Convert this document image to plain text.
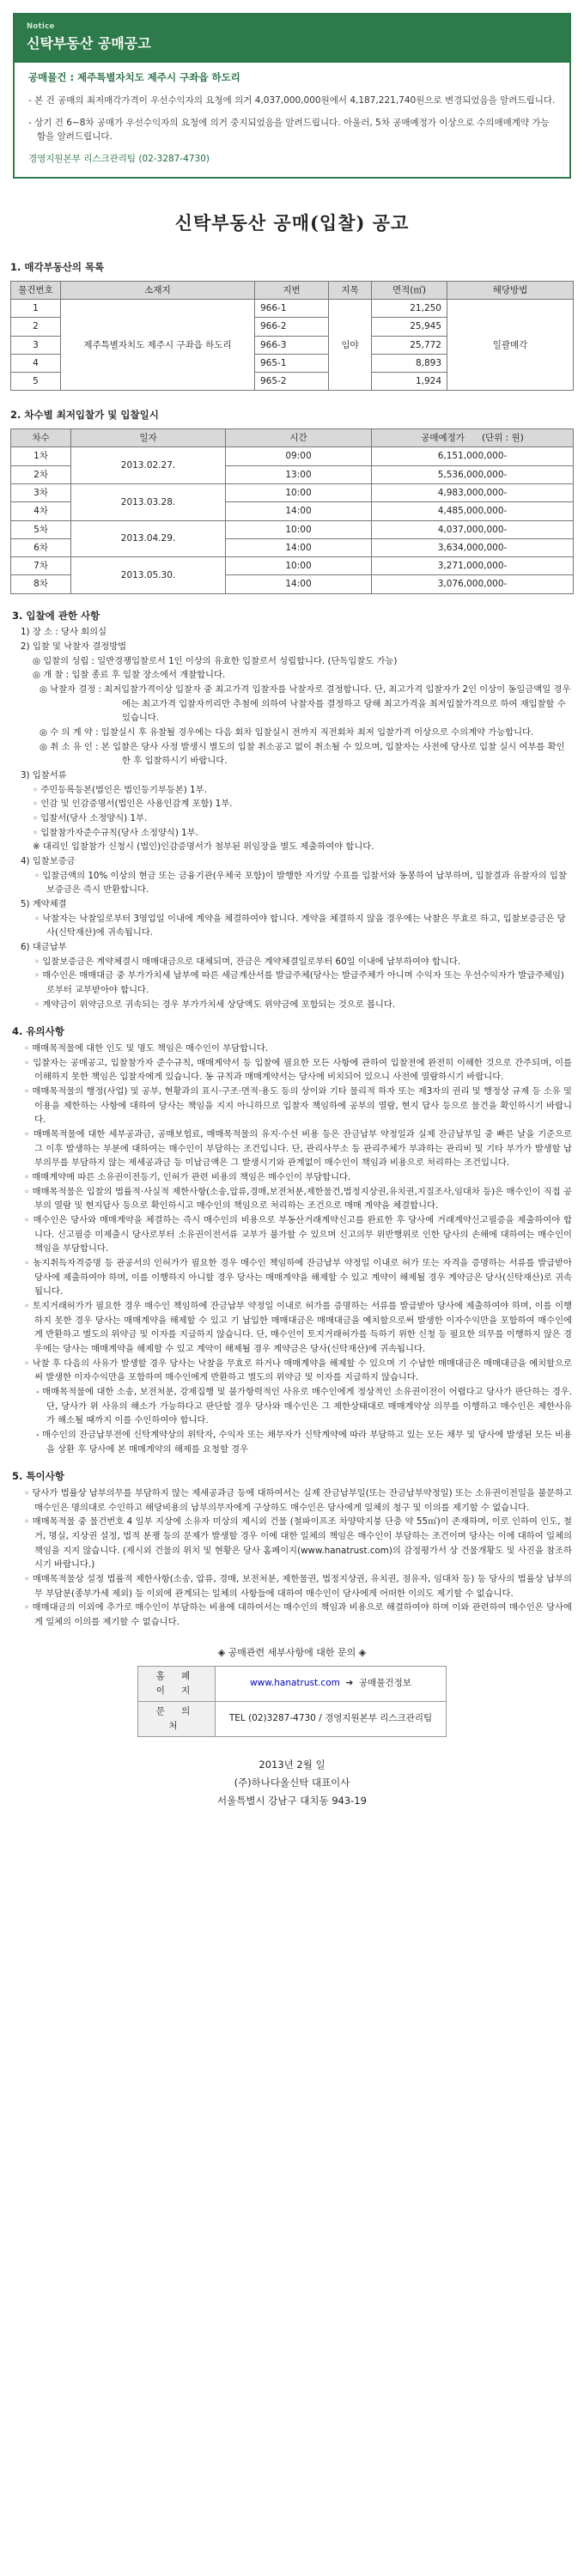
Notice
신탁부동산 공매공고
공매물건 : 제주특별자치도 제주시 구좌읍 하도리
- 본 건 공매의 최저매각가격이 우선수익자의 요청에 의거 4,037,000,000원에서 4,187,221,740원으로 변경되었음을 알려드립니다.
- 상기 건 6~8차 공매가 우선수익자의 요청에 의거 중지되었음을 알려드립니다. 아울러, 5차 공매예정가 이상으로 수의매매계약 가능함을 알려드립니다.
경영지원본부 리스크관리팀 (02-3287-4730)
신탁부동산 공매(입찰) 공고
1. 매각부동산의 목록
물건번호	소재지	지번	지목	면적(㎡)	해당방법
1	제주특별자치도 제주시 구좌읍 하도리	966-1	임야	21,250	일괄매각
2		966-2		25,945	
3		966-3		25,772	
4		965-1		8,893	
5		965-2		1,924	
2. 차수별 최저입찰가 및 입찰일시
차수	일자	시간	공매예정가 (단위 : 원)
1차	2013.02.27.	09:00	6,151,000,000-
2차		13:00	5,536,000,000-
3차	2013.03.28.	10:00	4,983,000,000-
4차		14:00	4,485,000,000-
5차	2013.04.29.	10:00	4,037,000,000-
6차		14:00	3,634,000,000-
7차	2013.05.30.	10:00	3,271,000,000-
8차		14:00	3,076,000,000-
3. 입찰에 관한 사항
1) 장 소 : 당사 회의실
2) 입찰 및 낙찰자 결정방법
◎ 입찰의 성립 : 일반경쟁입찰로서 1인 이상의 유효한 입찰로서 성립합니다. (단독입찰도 가능)
◎ 개 찰 : 입찰 종료 후 입찰 장소에서 개찰합니다.
◎ 낙찰자 결정 : 최저입찰가격이상 입찰자 중 최고가격 입찰자를 낙찰자로 결정합니다. 단, 최고가격 입찰자가 2인 이상이 동일금액일 경우에는 최고가격 입찰자끼리만 추첨에 의하여 낙찰자를 결정하고 당해 최고가격을 최저입찰가격으로 하여 재입찰할 수 있습니다.
◎ 수 의 계 약 : 입찰실시 후 유찰될 경우에는 다음 회차 입찰실시 전까지 직전회차 최저 입찰가격 이상으로 수의계약 가능합니다.
◎ 취 소 유 인 : 본 입찰은 당사 사정 발생시 별도의 입찰 취소공고 없이 취소될 수 있으며, 입찰자는 사전에 당사로 입찰 실시 여부를 확인한 후 입찰하시기 바랍니다.
3) 입찰서류
◦ 주민등록등본(법인은 법인등기부등본) 1부.
◦ 인감 및 인감증명서(법인은 사용인감계 포함) 1부.
◦ 입찰서(당사 소정양식) 1부.
◦ 입찰참가자준수규칙(당사 소정양식) 1부.
※ 대리인 입찰참가 신청시 (법인)인감증명서가 첨부된 위임장을 별도 제출하여야 합니다.
4) 입찰보증금
◦ 입찰금액의 10% 이상의 현금 또는 금융기관(우체국 포함)이 발행한 자기앞 수표를 입찰서와 동봉하여 납부하며, 입찰결과 유찰자의 입찰보증금은 즉시 반환합니다.
5) 계약체결
◦ 낙찰자는 낙찰일로부터 3영업일 이내에 계약을 체결하여야 합니다. 계약을 체결하지 않을 경우에는 낙찰은 무효로 하고, 입찰보증금은 당사(신탁재산)에 귀속됩니다.
6) 대금납부
◦ 입찰보증금은 계약체결시 매매대금으로 대체되며, 잔금은 계약체결일로부터 60일 이내에 납부하여야 합니다.
◦ 매수인은 매매대금 중 부가가치세 납부에 따른 세금계산서를 발급주체(당사는 발급주체가 아니며 수익자 또는 우선수익자가 발급주체임)로부터 교부받아야 합니다.
◦ 계약금이 위약금으로 귀속되는 경우 부가가치세 상당액도 위약금에 포함되는 것으로 봅니다.
4. 유의사항
◦ 매매목적물에 대한 인도 및 명도 책임은 매수인이 부담합니다.
◦ 입찰자는 공매공고, 입찰참가자 준수규칙, 매매계약서 등 입찰에 필요한 모든 사항에 관하여 입찰전에 완전히 이해한 것으로 간주되며, 이를 이해하지 못한 책임은 입찰자에게 있습니다. 동 규칙과 매매계약서는 당사에 비치되어 있으니 사전에 열람하시기 바랍니다.
◦ 매매목적물의 행정(사업) 및 공부, 현황과의 표시·구조·면적·용도 등의 상이와 기타 물리적 하자 또는 제3자의 권리 및 행정상 규제 등 소유 및 이용을 제한하는 사항에 대하여 당사는 책임을 지지 아니하므로 입찰자 책임하에 공부의 열람, 현지 답사 등으로 물건을 확인하시기 바랍니다.
◦ 매매목적물에 대한 세부공과금, 공매보험료, 매매목적물의 유지·수선 비용 등은 잔금납부 약정일과 실제 잔금납부일 중 빠른 날을 기준으로 그 이후 발생하는 부분에 대하여는 매수인이 부담하는 조건입니다. 단, 관리사무소 등 관리주체가 부과하는 관리비 및 기타 부가가 발생할 납부의무를 부담하지 않는 제세공과금 등 미납금액은 그 발생시기와 관계없이 매수인이 책임과 비용으로 처리하는 조건입니다.
◦ 매매계약에 따른 소유권이전등기, 인허가 관련 비용의 책임은 매수인이 부담합니다.
◦ 매매목적물은 입찰의 법률적·사실적 제한사항(소송,압류,경매,보전처분,제한물건,법정지상권,유치권,지질조사,임대차 등)은 매수인이 직접 공부의 열람 및 현지답사 등으로 확인하시고 매수인의 책임으로 처리하는 조건으로 매매 계약을 체결합니다.
◦ 매수인은 당사와 매매계약을 체결하는 즉시 매수인의 비용으로 부동산거래계약신고를 완료한 후 당사에 거래계약신고필증을 제출하여야 합니다. 신고필증 미제출시 당사로부터 소유권이전서류 교부가 불가할 수 있으며 신고의무 위반행위로 인한 당사의 손해에 대하여는 매수인이 책임을 부담합니다.
◦ 농지취득자격증명 등 관공서의 인허가가 필요한 경우 매수인 책임하에 잔금납부 약정일 이내로 허가 또는 자격을 증명하는 서류를 발급받아 당사에 제출하여야 하며, 이를 이행하지 아니할 경우 당사는 매매계약을 해제할 수 있고 계약이 해제될 경우 계약금은 당사(신탁재산)로 귀속됩니다.
◦ 토지거래허가가 필요한 경우 매수인 책임하에 잔금납부 약정일 이내로 허가를 증명하는 서류를 발급받아 당사에 제출하여야 하며, 이를 이행하지 못한 경우 당사는 매매계약을 해제할 수 있고 기 납입한 매매대금은 매매대금을 예치할으로써 발생한 이자수익만을 포함하여 매수인에게 반환하고 별도의 위약금 및 이자를 지급하지 않습니다. 단, 매수인이 토지거래허가를 득하기 위한 신청 등 필요한 의무를 이행하지 않은 경우에는 당사는 매매계약을 해제할 수 있고 계약이 해제될 경우 계약금은 당사(신탁재산)에 귀속됩니다.
◦ 낙찰 후 다음의 사유가 발생할 경우 당사는 낙찰을 무효로 하거나 매매계약을 해제할 수 있으며 기 수납한 매매대금은 매매대금을 예치할으로써 발생한 이자수익만을 포함하여 매수인에게 반환하고 별도의 위약금 및 이자를 지급하지 않습니다.
- 매매목적물에 대한 소송, 보전처분, 강제집행 및 불가항력적인 사유로 매수인에게 정상적인 소유권이전이 어렵다고 당사가 판단하는 경우. 단, 당사가 위 사유의 해소가 가능하다고 판단할 경우 당사와 매수인은 그 제한상태대로 매매계약상 의무를 이행하고 매수인은 제한사유가 해소될 때까지 이를 수인하여야 합니다.
- 매수인의 잔금납부전에 신탁계약상의 위탁자, 수익자 또는 채무자가 신탁계약에 따라 부담하고 있는 모든 채무 및 당사에 발생된 모든 비용을 상환 후 당사에 본 매매계약의 해제를 요청할 경우
5. 특이사항
◦ 당사가 법률상 납부의무를 부담하지 않는 제세공과금 등에 대하여서는 실제 잔금납부일(또는 잔금납부약정일) 또는 소유권이전일을 불문하고 매수인은 명의대로 수인하고 해당비용의 납부의무자에게 구상하도 매수인은 당사에게 일체의 청구 및 이의를 제기할 수 없습니다.
◦ 매매목적물 중 물건번호 4 일부 지상에 소유자 미상의 제시외 건물 (철파이프조 차양막지붕 단층 약 55㎡)이 존재하며, 이로 인하여 인도, 철거, 명실, 지상권 설정, 법적 분쟁 등의 문제가 발생할 경우 이에 대한 일체의 책임은 매수인이 부담하는 조건이며 당사는 이에 대하여 일체의 책임을 지지 않습니다. (제시외 건물의 위치 및 현황은 당사 홈페이지(www.hanatrust.com)의 감정평가서 상 건물개황도 및 사진을 참조하시기 바랍니다.)
◦ 매매목적물상 설정 법률적 제한사항(소송, 압류, 경매, 보전처분, 제한물권, 법정지상권, 유치권, 점유자, 임대차 등) 등 당사의 법률상 납부의무 부담분(종부가세 제외) 등 이외에 관계되는 일체의 사항들에 대하여 매수인이 당사에게 어떠한 이의도 제기할 수 없습니다.
◦ 매매대금의 이외에 추가로 매수인이 부담하는 비용에 대하여서는 매수인의 책임과 비용으로 해결하여야 하며 이와 관련하여 매수인은 당사에게 일체의 이의를 제기할 수 없습니다.
◈ 공매관련 세부사항에 대한 문의 ◈
홈 페 이 지	www.hanatrust.com  ➔  공매물건정보
문 의 처	TEL (02)3287-4730 / 경영지원본부 리스크관리팀
2013년 2월 일
(주)하나다올신탁 대표이사
서울특별시 강남구 대치동 943-19
